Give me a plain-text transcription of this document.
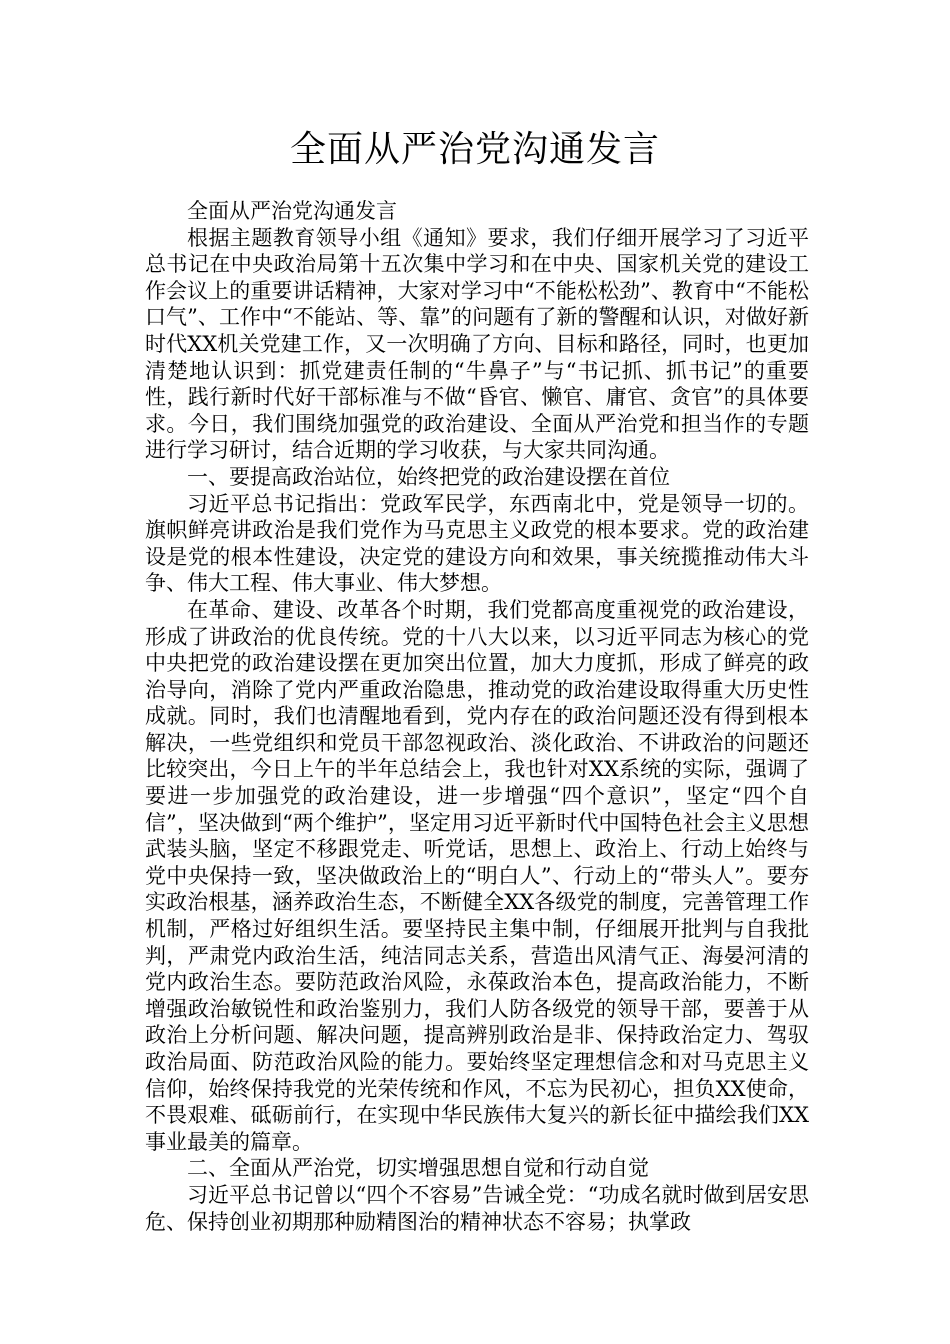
全面从严治党沟通发言

全面从严治党沟通发言

根据主题教育领导小组《通知》要求，我们仔细开展学习了习近平总书记在中央政治局第十五次集中学习和在中央、国家机关党的建设工作会议上的重要讲话精神，大家对学习中“不能松松劲”、教育中“不能松口气”、工作中“不能站、等、靠”的问题有了新的警醒和认识，对做好新时代XX机关党建工作，又一次明确了方向、目标和路径，同时，也更加清楚地认识到：抓党建责任制的“牛鼻子”与“书记抓、抓书记”的重要性，践行新时代好干部标准与不做“昏官、懒官、庸官、贪官”的具体要求。今日，我们围绕加强党的政治建设、全面从严治党和担当作的专题进行学习研讨，结合近期的学习收获，与大家共同沟通。

一、要提高政治站位，始终把党的政治建设摆在首位

习近平总书记指出：党政军民学，东西南北中，党是领导一切的。旗帜鲜亮讲政治是我们党作为马克思主义政党的根本要求。党的政治建设是党的根本性建设，决定党的建设方向和效果，事关统揽推动伟大斗争、伟大工程、伟大事业、伟大梦想。

在革命、建设、改革各个时期，我们党都高度重视党的政治建设，形成了讲政治的优良传统。党的十八大以来，以习近平同志为核心的党中央把党的政治建设摆在更加突出位置，加大力度抓，形成了鲜亮的政治导向，消除了党内严重政治隐患，推动党的政治建设取得重大历史性成就。同时，我们也清醒地看到，党内存在的政治问题还没有得到根本解决，一些党组织和党员干部忽视政治、淡化政治、不讲政治的问题还比较突出，今日上午的半年总结会上，我也针对XX系统的实际，强调了要进一步加强党的政治建设，进一步增强“四个意识”，坚定“四个自信”，坚决做到“两个维护”，坚定用习近平新时代中国特色社会主义思想武装头脑，坚定不移跟党走、听党话，思想上、政治上、行动上始终与党中央保持一致，坚决做政治上的“明白人”、行动上的“带头人”。要夯实政治根基，涵养政治生态，不断健全XX各级党的制度，完善管理工作机制，严格过好组织生活。要坚持民主集中制，仔细展开批判与自我批判，严肃党内政治生活，纯洁同志关系，营造出风清气正、海晏河清的党内政治生态。要防范政治风险，永葆政治本色，提高政治能力，不断增强政治敏锐性和政治鉴别力，我们人防各级党的领导干部，要善于从政治上分析问题、解决问题，提高辨别政治是非、保持政治定力、驾驭政治局面、防范政治风险的能力。要始终坚定理想信念和对马克思主义信仰，始终保持我党的光荣传统和作风，不忘为民初心，担负XX使命，不畏艰难、砥砺前行，在实现中华民族伟大复兴的新长征中描绘我们XX事业最美的篇章。

二、全面从严治党，切实增强思想自觉和行动自觉

习近平总书记曾以“四个不容易”告诫全党：“功成名就时做到居安思危、保持创业初期那种励精图治的精神状态不容易；执掌政
